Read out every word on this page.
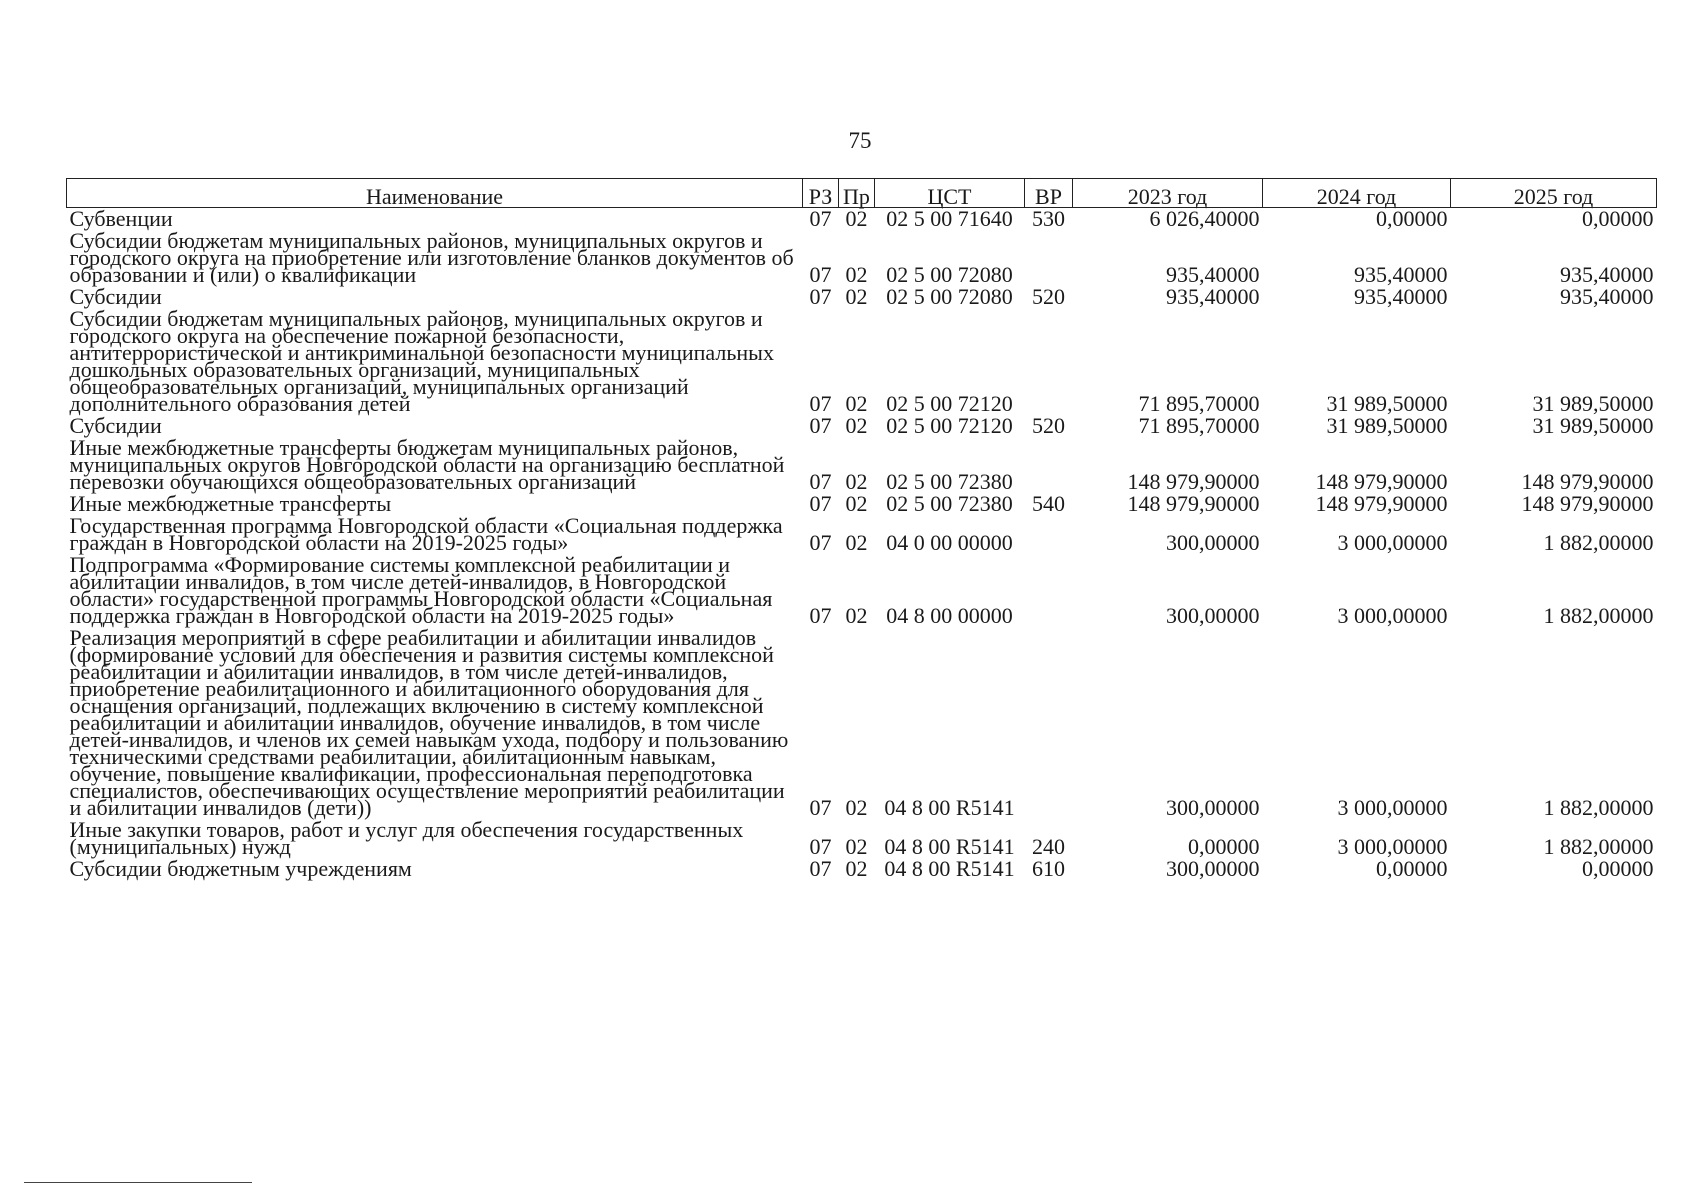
75
Наименование	РЗ	Пр	ЦСТ	ВР	2023 год	2024 год	2025 год
Субвенции	07	02	02 5 00 71640	530	6 026,40000	0,00000	0,00000
Субсидии бюджетам муниципальных районов, муниципальных округов и городского округа на приобретение или изготовление бланков документов об образовании и (или) о квалификации	07	02	02 5 00 72080		935,40000	935,40000	935,40000
Субсидии	07	02	02 5 00 72080	520	935,40000	935,40000	935,40000
Субсидии бюджетам муниципальных районов, муниципальных округов и городского округа на обеспечение пожарной безопасности, антитеррористической и антикриминальной безопасности муниципальных дошкольных образовательных организаций, муниципальных общеобразовательных организаций, муниципальных организаций дополнительного образования детей	07	02	02 5 00 72120		71 895,70000	31 989,50000	31 989,50000
Субсидии	07	02	02 5 00 72120	520	71 895,70000	31 989,50000	31 989,50000
Иные межбюджетные трансферты бюджетам муниципальных районов, муниципальных округов Новгородской области на организацию бесплатной перевозки обучающихся общеобразовательных организаций	07	02	02 5 00 72380		148 979,90000	148 979,90000	148 979,90000
Иные межбюджетные трансферты	07	02	02 5 00 72380	540	148 979,90000	148 979,90000	148 979,90000
Государственная программа Новгородской области «Социальная поддержка граждан в Новгородской области на 2019-2025 годы»	07	02	04 0 00 00000		300,00000	3 000,00000	1 882,00000
Подпрограмма «Формирование системы комплексной реабилитации и абилитации инвалидов, в том числе детей-инвалидов, в Новгородской области» государственной программы Новгородской области «Социальная поддержка граждан в Новгородской области на 2019-2025 годы»	07	02	04 8 00 00000		300,00000	3 000,00000	1 882,00000
Реализация мероприятий в сфере реабилитации и абилитации инвалидов (формирование условий для обеспечения и развития системы комплексной реабилитации и абилитации инвалидов, в том числе детей-инвалидов, приобретение реабилитационного и абилитационного оборудования для оснащения организаций, подлежащих включению в систему комплексной реабилитации и абилитации инвалидов, обучение инвалидов, в том числе детей-инвалидов, и членов их семей навыкам ухода, подбору и пользованию техническими средствами реабилитации, абилитационным навыкам, обучение, повышение квалификации, профессиональная переподготовка специалистов, обеспечивающих осуществление мероприятий реабилитации и абилитации инвалидов (дети))	07	02	04 8 00 R5141		300,00000	3 000,00000	1 882,00000
Иные закупки товаров, работ и услуг для обеспечения государственных (муниципальных) нужд	07	02	04 8 00 R5141	240	0,00000	3 000,00000	1 882,00000
Субсидии бюджетным учреждениям	07	02	04 8 00 R5141	610	300,00000	0,00000	0,00000
